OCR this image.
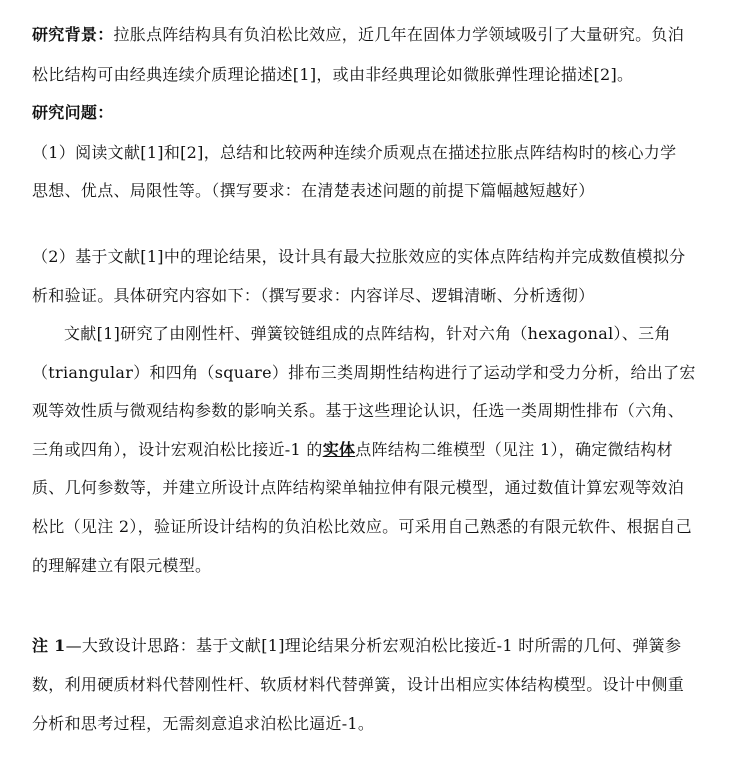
研究背景：拉胀点阵结构具有负泊松比效应，近几年在固体力学领域吸引了大量研究。负泊
松比结构可由经典连续介质理论描述[1]，或由非经典理论如微胀弹性理论描述[2]。
研究问题：
（1）阅读文献[1]和[2]，总结和比较两种连续介质观点在描述拉胀点阵结构时的核心力学
思想、优点、局限性等。（撰写要求：在清楚表述问题的前提下篇幅越短越好）
（2）基于文献[1]中的理论结果，设计具有最大拉胀效应的实体点阵结构并完成数值模拟分
析和验证。具体研究内容如下：（撰写要求：内容详尽、逻辑清晰、分析透彻）
文献[1]研究了由刚性杆、弹簧铰链组成的点阵结构，针对六角（hexagonal）、三角
（triangular）和四角（square）排布三类周期性结构进行了运动学和受力分析，给出了宏
观等效性质与微观结构参数的影响关系。基于这些理论认识，任选一类周期性排布（六角、
三角或四角），设计宏观泊松比接近-1 的实体点阵结构二维模型（见注 1），确定微结构材
质、几何参数等，并建立所设计点阵结构梁单轴拉伸有限元模型，通过数值计算宏观等效泊
松比（见注 2），验证所设计结构的负泊松比效应。可采用自己熟悉的有限元软件、根据自己
的理解建立有限元模型。
注 1—大致设计思路：基于文献[1]理论结果分析宏观泊松比接近-1 时所需的几何、弹簧参
数，利用硬质材料代替刚性杆、软质材料代替弹簧，设计出相应实体结构模型。设计中侧重
分析和思考过程，无需刻意追求泊松比逼近-1。
